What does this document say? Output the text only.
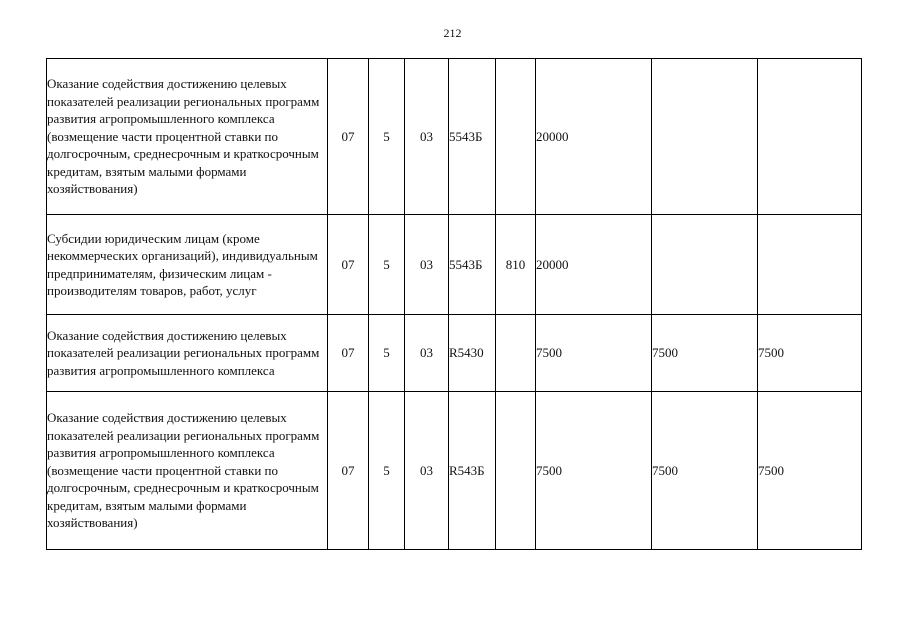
212
Оказание содействия достижению целевых показателей реализации региональных программ развития агропромышленного комплекса (возмещение части процентной ставки по долгосрочным, среднесрочным и краткосрочным кредитам, взятым малыми формами хозяйствования)	07	5	03	5543Б		20000		
Субсидии юридическим лицам (кроме некоммерческих организаций), индивидуальным предпринимателям, физическим лицам - производителям товаров, работ, услуг	07	5	03	5543Б	810	20000		
Оказание содействия достижению целевых показателей реализации региональных программ развития агропромышленного комплекса	07	5	03	R5430		7500	7500	7500
Оказание содействия достижению целевых показателей реализации региональных программ развития агропромышленного комплекса (возмещение части процентной ставки по долгосрочным, среднесрочным и краткосрочным кредитам, взятым малыми формами хозяйствования)	07	5	03	R543Б		7500	7500	7500
